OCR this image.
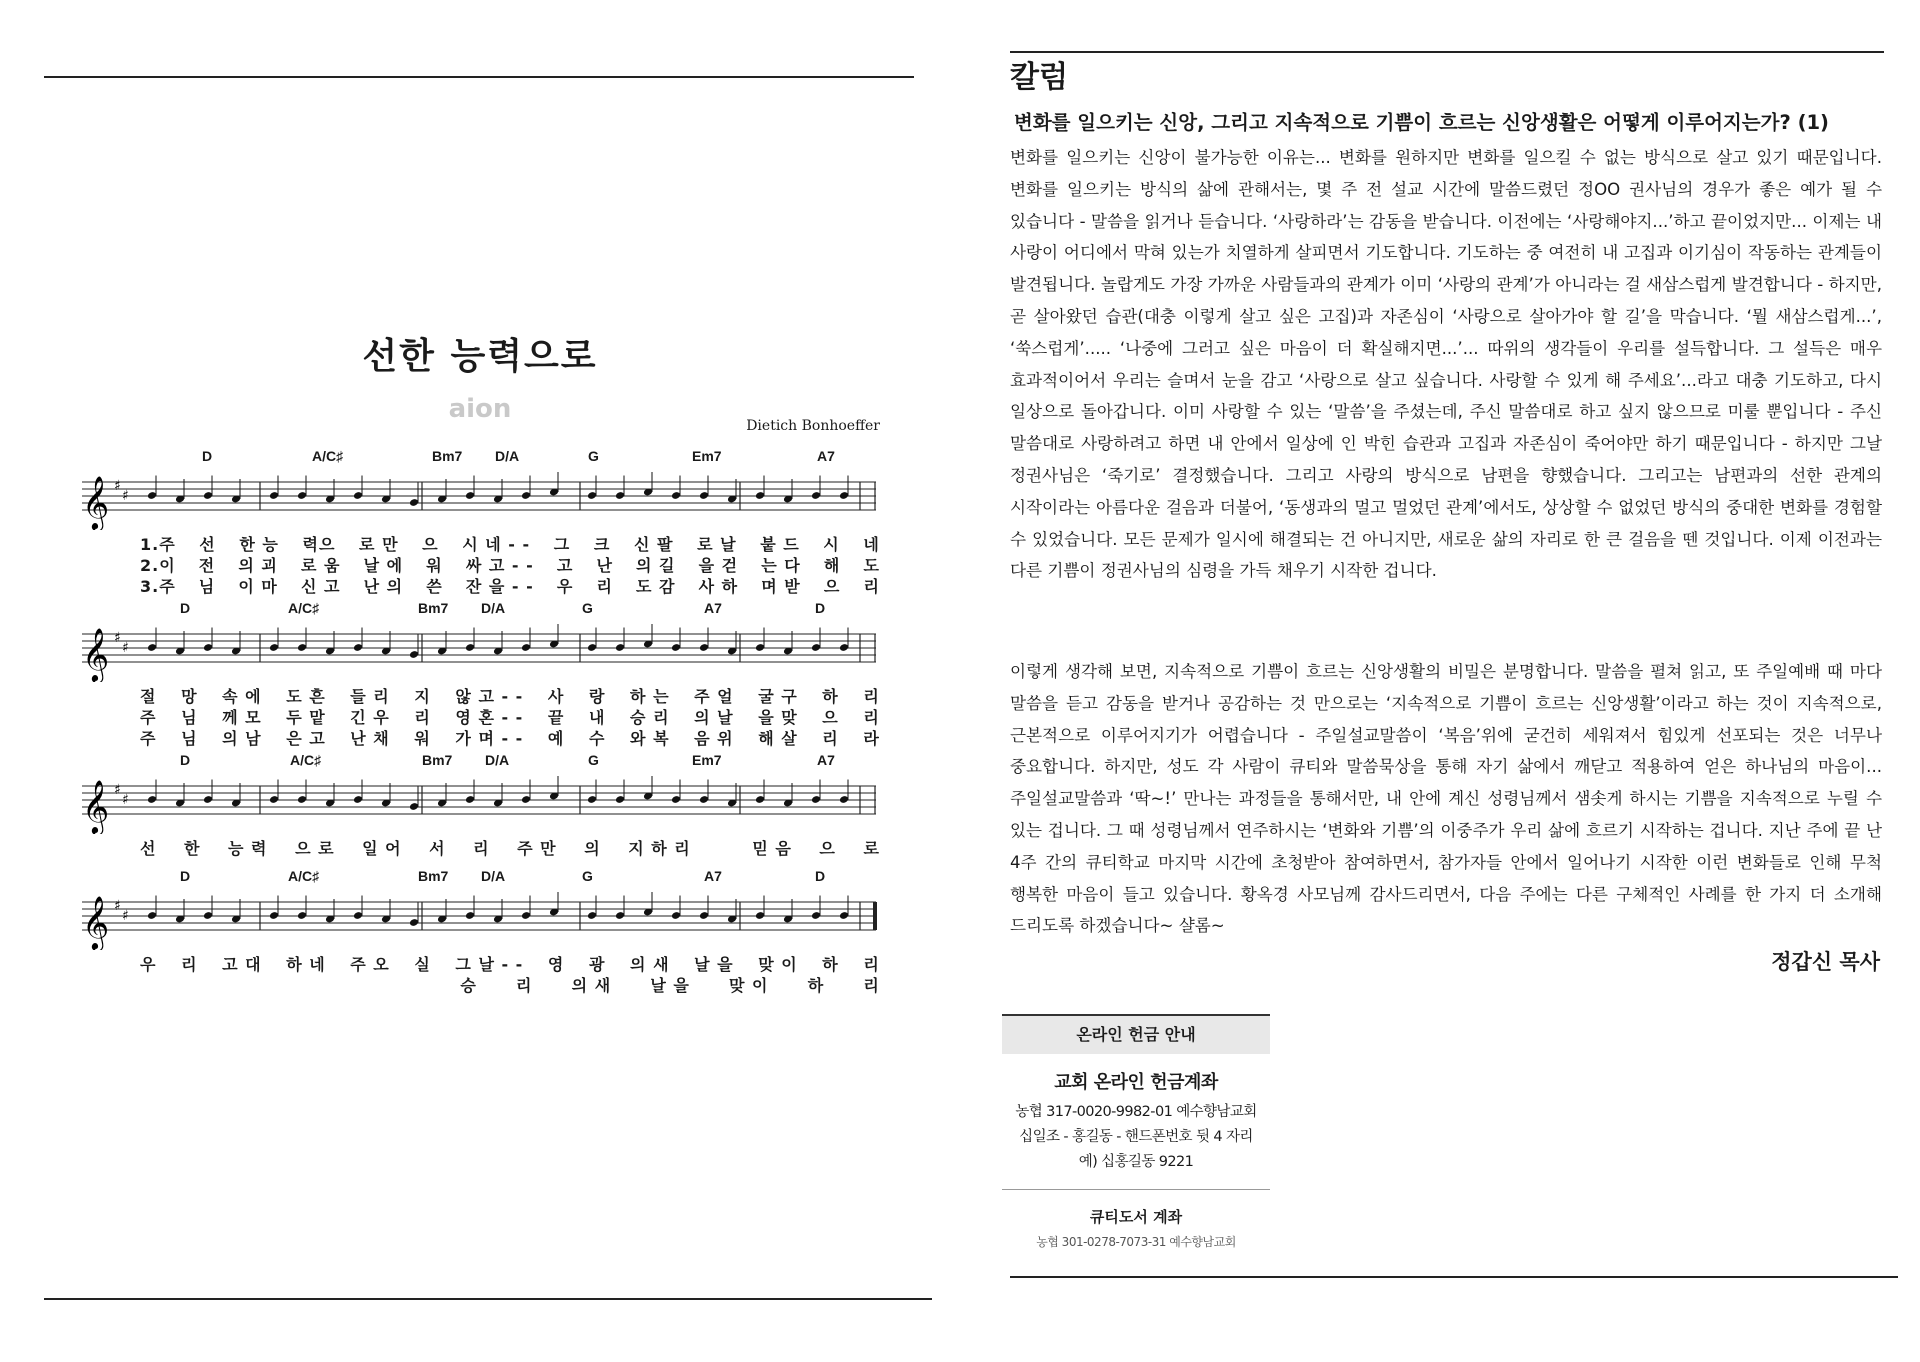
선한 능력으로
aion
Dietich Bonhoeffer
D	A/C♯	Bm7 D/A	G	Em7	A7
𝄞 ♯
♯
1.주 선 한 능 력으 로 만 으 시 네 - - 그 크 신 팔 로 날 붙 드 시 네
2.이 전 의 괴 로 움 날 에 워 싸 고 - - 고 난 의 길 을 걷 는 다 해 도
3.주 님 이 마 신 고 난 의 쓴 잔 을 - - 우 리 도 감 사 하 며 받 으 리
D	A/C♯	Bm7 D/A	G	A7	D
𝄞 ♯
♯
절 망 속 에 도 흔 들 리 지 않 고 - - 사 랑 하 는 주 얼 굴 구 하 리
주 님 께 모 두 맡 긴 우 리 영 혼 - - 끝 내 승 리 의 날 을 맞 으 리
주 님 의 남 은 고 난 채 워 가 며 - - 예 수 와 복 음 위 해 살 리 라
D	A/C♯	Bm7 D/A	G	Em7	A7
𝄞 ♯
♯
선 한 능 력 으 로 일 어 서 리 주 만 의 지 하 리
	믿 음 으 로
D	A/C♯	Bm7 D/A	G	A7	D
𝄞 ♯
♯
우 리 고 대 하 네 주 오 실 그 날 - - 영 광 의 새 날 을 맞 이 하 리

승 리 의 새 날 을 맞 이 하 리
칼럼
변화를 일으키는 신앙, 그리고 지속적으로 기쁨이 흐르는 신앙생활은 어떻게 이루어지는가? (1)

변화를 일으키는 신앙이 불가능한 이유는... 변화를 원하지만 변화를 일으킬 수 없는 방식으로 살고 있기 때문입니다. 변화를 일으키는 방식의 삶에 관해서는, 몇 주 전 설교 시간에 말씀드렸던 정OO 권사님의 경우가 좋은 예가 될 수 있습니다 - 말씀을 읽거나 듣습니다. ‘사랑하라’는 감동을 받습니다. 이전에는 ‘사랑해야지...’하고 끝이었지만... 이제는 내 사랑이 어디에서 막혀 있는가 치열하게 살피면서 기도합니다. 기도하는 중 여전히 내 고집과 이기심이 작동하는 관계들이 발견됩니다. 놀랍게도 가장 가까운 사람들과의 관계가 이미 ‘사랑의 관계’가 아니라는 걸 새삼스럽게 발견합니다 - 하지만, 곧 살아왔던 습관(대충 이렇게 살고 싶은 고집)과 자존심이 ‘사랑으로 살아가야 할 길’을 막습니다. ‘뭘 새삼스럽게...’, ‘쑥스럽게’..... ‘나중에 그러고 싶은 마음이 더 확실해지면...’... 따위의 생각들이 우리를 설득합니다. 그 설득은 매우 효과적이어서 우리는 슬며서 눈을 감고 ‘사랑으로 살고 싶습니다. 사랑할 수 있게 해 주세요’...라고 대충 기도하고, 다시 일상으로 돌아갑니다. 이미 사랑할 수 있는 ‘말씀’을 주셨는데, 주신 말씀대로 하고 싶지 않으므로 미룰 뿐입니다 - 주신 말씀대로 사랑하려고 하면 내 안에서 일상에 인 박힌 습관과 고집과 자존심이 죽어야만 하기 때문입니다 - 하지만 그날 정권사님은 ‘죽기로’ 결정했습니다. 그리고 사랑의 방식으로 남편을 향했습니다. 그리고는 남편과의 선한 관계의 시작이라는 아름다운 걸음과 더불어, ‘동생과의 멀고 멀었던 관계’에서도, 상상할 수 없었던 방식의 중대한 변화를 경험할 수 있었습니다. 모든 문제가 일시에 해결되는 건 아니지만, 새로운 삶의 자리로 한 큰 걸음을 뗀 것입니다. 이제 이전과는 다른 기쁨이 정권사님의 심령을 가득 채우기 시작한 겁니다.

이렇게 생각해 보면, 지속적으로 기쁨이 흐르는 신앙생활의 비밀은 분명합니다. 말씀을 펼쳐 읽고, 또 주일예배 때 마다 말씀을 듣고 감동을 받거나 공감하는 것 만으로는 ‘지속적으로 기쁨이 흐르는 신앙생활’이라고 하는 것이 지속적으로, 근본적으로 이루어지기가 어렵습니다 - 주일설교말씀이 ‘복음’위에 굳건히 세워져서 힘있게 선포되는 것은 너무나 중요합니다. 하지만, 성도 각 사람이 큐티와 말씀묵상을 통해 자기 삶에서 깨닫고 적용하여 얻은 하나님의 마음이... 주일설교말씀과 ‘딱~!’ 만나는 과정들을 통해서만, 내 안에 계신 성령님께서 샘솟게 하시는 기쁨을 지속적으로 누릴 수 있는 겁니다. 그 때 성령님께서 연주하시는 ‘변화와 기쁨’의 이중주가 우리 삶에 흐르기 시작하는 겁니다. 지난 주에 끝 난 4주 간의 큐티학교 마지막 시간에 초청받아 참여하면서, 참가자들 안에서 일어나기 시작한 이런 변화들로 인해 무척 행복한 마음이 들고 있습니다. 황옥경 사모님께 감사드리면서, 다음 주에는 다른 구체적인 사례를 한 가지 더 소개해 드리도록 하겠습니다~ 샬롬~

정갑신 목사
온라인 헌금 안내
교회 온라인 헌금계좌
농협 317-0020-9982-01 예수향남교회
십일조 - 홍길동 - 핸드폰번호 뒷 4 자리
예) 십홍길동 9221
큐티도서 계좌
농협 301-0278-7073-31 예수향남교회
